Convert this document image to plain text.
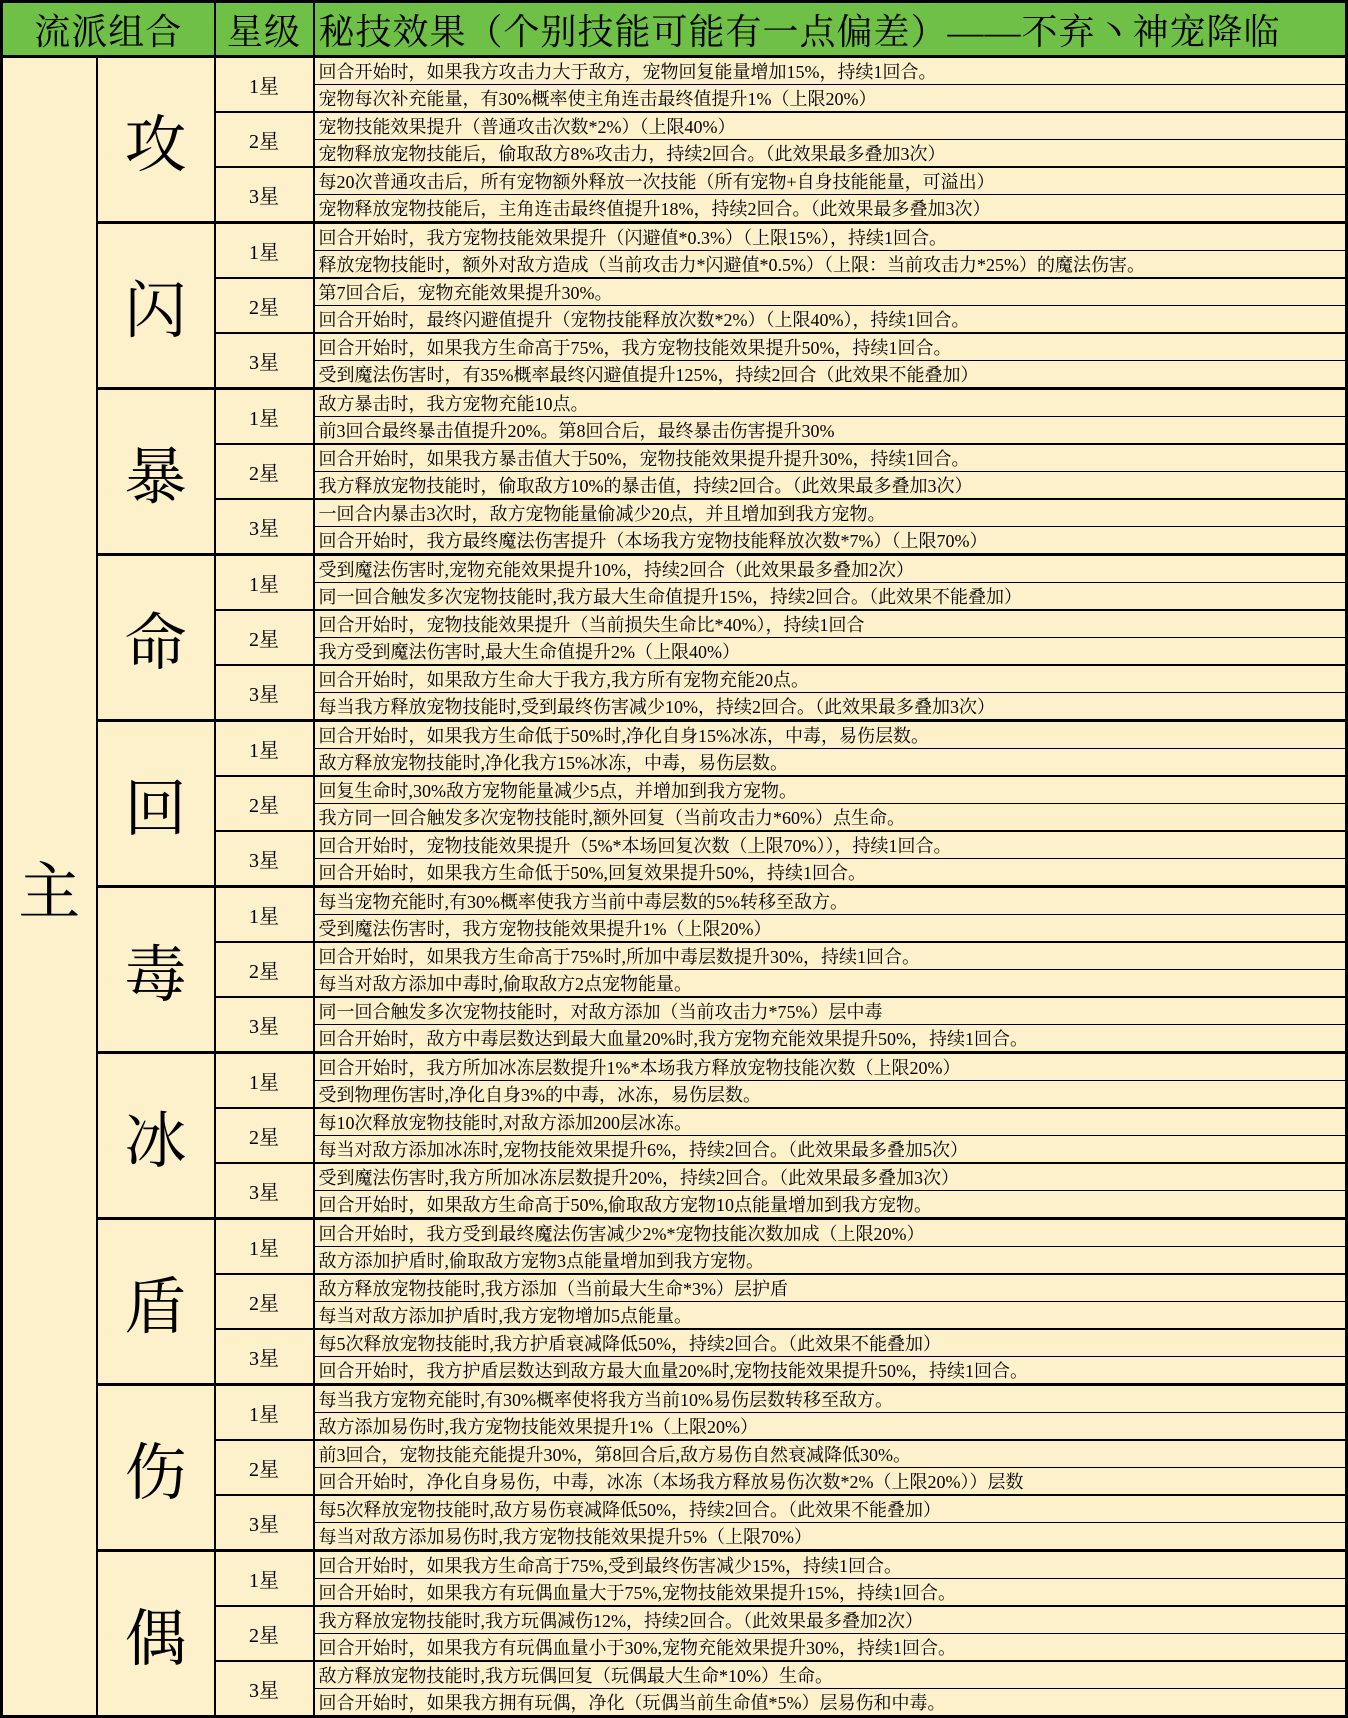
流派组合		星级	秘技效果（个别技能可能有一点偏差）——不弃丶神宠降临
主	攻	1星	回合开始时，如果我方攻击力大于敌方，宠物回复能量增加15%，持续1回合。
			宠物每次补充能量，有30%概率使主角连击最终值提升1%（上限20%）
		2星	宠物技能效果提升（普通攻击次数*2%）（上限40%）
			宠物释放宠物技能后，偷取敌方8%攻击力，持续2回合。（此效果最多叠加3次）
		3星	每20次普通攻击后，所有宠物额外释放一次技能（所有宠物+自身技能能量，可溢出）
			宠物释放宠物技能后，主角连击最终值提升18%，持续2回合。（此效果最多叠加3次）
	闪	1星	回合开始时，我方宠物技能效果提升（闪避值*0.3%）（上限15%），持续1回合。
			释放宠物技能时，额外对敌方造成（当前攻击力*闪避值*0.5%）（上限：当前攻击力*25%）的魔法伤害。
		2星	第7回合后，宠物充能效果提升30%。
			回合开始时，最终闪避值提升（宠物技能释放次数*2%）（上限40%），持续1回合。
		3星	回合开始时，如果我方生命高于75%，我方宠物技能效果提升50%，持续1回合。
			受到魔法伤害时，有35%概率最终闪避值提升125%，持续2回合（此效果不能叠加）
	暴	1星	敌方暴击时，我方宠物充能10点。
			前3回合最终暴击值提升20%。第8回合后，最终暴击伤害提升30%
		2星	回合开始时，如果我方暴击值大于50%，宠物技能效果提升提升30%，持续1回合。
			我方释放宠物技能时，偷取敌方10%的暴击值，持续2回合。（此效果最多叠加3次）
		3星	一回合内暴击3次时，敌方宠物能量偷减少20点，并且增加到我方宠物。
			回合开始时，我方最终魔法伤害提升（本场我方宠物技能释放次数*7%）（上限70%）
	命	1星	受到魔法伤害时,宠物充能效果提升10%，持续2回合（此效果最多叠加2次）
			同一回合触发多次宠物技能时,我方最大生命值提升15%，持续2回合。（此效果不能叠加）
		2星	回合开始时，宠物技能效果提升（当前损失生命比*40%），持续1回合
			我方受到魔法伤害时,最大生命值提升2%（上限40%）
		3星	回合开始时，如果敌方生命大于我方,我方所有宠物充能20点。
			每当我方释放宠物技能时,受到最终伤害减少10%，持续2回合。（此效果最多叠加3次）
	回	1星	回合开始时，如果我方生命低于50%时,净化自身15%冰冻，中毒，易伤层数。
			敌方释放宠物技能时,净化我方15%冰冻，中毒，易伤层数。
		2星	回复生命时,30%敌方宠物能量减少5点，并增加到我方宠物。
			我方同一回合触发多次宠物技能时,额外回复（当前攻击力*60%）点生命。
		3星	回合开始时，宠物技能效果提升（5%*本场回复次数（上限70%）），持续1回合。
			回合开始时，如果我方生命低于50%,回复效果提升50%，持续1回合。
	毒	1星	每当宠物充能时,有30%概率使我方当前中毒层数的5%转移至敌方。
			受到魔法伤害时，我方宠物技能效果提升1%（上限20%）
		2星	回合开始时，如果我方生命高于75%时,所加中毒层数提升30%，持续1回合。
			每当对敌方添加中毒时,偷取敌方2点宠物能量。
		3星	同一回合触发多次宠物技能时，对敌方添加（当前攻击力*75%）层中毒
			回合开始时，敌方中毒层数达到最大血量20%时,我方宠物充能效果提升50%，持续1回合。
	冰	1星	回合开始时，我方所加冰冻层数提升1%*本场我方释放宠物技能次数（上限20%）
			受到物理伤害时,净化自身3%的中毒，冰冻，易伤层数。
		2星	每10次释放宠物技能时,对敌方添加200层冰冻。
			每当对敌方添加冰冻时,宠物技能效果提升6%，持续2回合。（此效果最多叠加5次）
		3星	受到魔法伤害时,我方所加冰冻层数提升20%，持续2回合。（此效果最多叠加3次）
			回合开始时，如果敌方生命高于50%,偷取敌方宠物10点能量增加到我方宠物。
	盾	1星	回合开始时，我方受到最终魔法伤害减少2%*宠物技能次数加成（上限20%）
			敌方添加护盾时,偷取敌方宠物3点能量增加到我方宠物。
		2星	敌方释放宠物技能时,我方添加（当前最大生命*3%）层护盾
			每当对敌方添加护盾时,我方宠物增加5点能量。
		3星	每5次释放宠物技能时,我方护盾衰减降低50%，持续2回合。（此效果不能叠加）
			回合开始时，我方护盾层数达到敌方最大血量20%时,宠物技能效果提升50%，持续1回合。
	伤	1星	每当我方宠物充能时,有30%概率使将我方当前10%易伤层数转移至敌方。
			敌方添加易伤时,我方宠物技能效果提升1%（上限20%）
		2星	前3回合，宠物技能充能提升30%，第8回合后,敌方易伤自然衰减降低30%。
			回合开始时，净化自身易伤，中毒，冰冻（本场我方释放易伤次数*2%（上限20%））层数
		3星	每5次释放宠物技能时,敌方易伤衰减降低50%，持续2回合。（此效果不能叠加）
			每当对敌方添加易伤时,我方宠物技能效果提升5%（上限70%）
	偶	1星	回合开始时，如果我方生命高于75%,受到最终伤害减少15%，持续1回合。
			回合开始时，如果我方有玩偶血量大于75%,宠物技能效果提升15%，持续1回合。
		2星	我方释放宠物技能时,我方玩偶减伤12%，持续2回合。（此效果最多叠加2次）
			回合开始时，如果我方有玩偶血量小于30%,宠物充能效果提升30%，持续1回合。
		3星	敌方释放宠物技能时,我方玩偶回复（玩偶最大生命*10%）生命。
			回合开始时，如果我方拥有玩偶，净化（玩偶当前生命值*5%）层易伤和中毒。
